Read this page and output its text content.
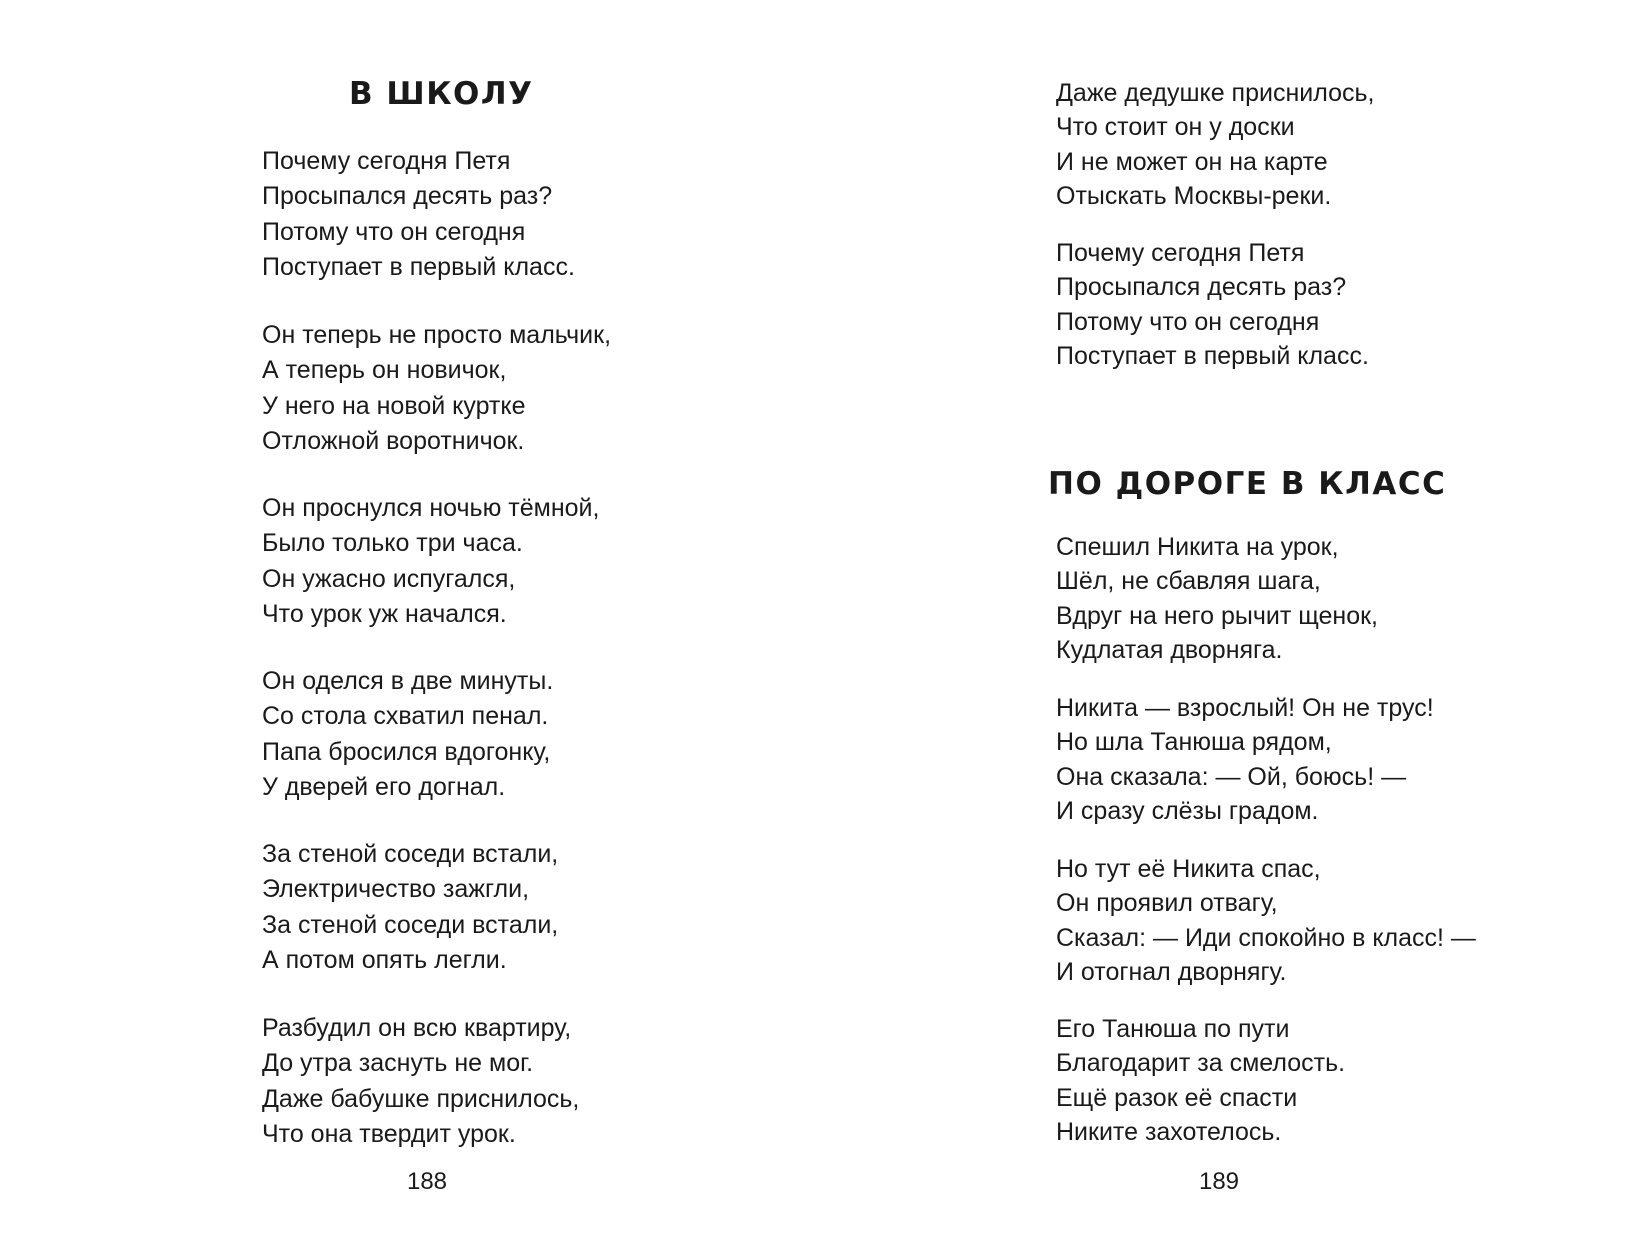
В ШКОЛУ
Почему сегодня Петя
Просыпался десять раз?
Потому что он сегодня
Поступает в первый класс.
Он теперь не просто мальчик,
А теперь он новичок,
У него на новой куртке
Отложной воротничок.
Он проснулся ночью тёмной,
Было только три часа.
Он ужасно испугался,
Что урок уж начался.
Он оделся в две минуты.
Со стола схватил пенал.
Папа бросился вдогонку,
У дверей его догнал.
За стеной соседи встали,
Электричество зажгли,
За стеной соседи встали,
А потом опять легли.
Разбудил он всю квартиру,
До утра заснуть не мог.
Даже бабушке приснилось,
Что она твердит урок.
188
Даже дедушке приснилось,
Что стоит он у доски
И не может он на карте
Отыскать Москвы-реки.
Почему сегодня Петя
Просыпался десять раз?
Потому что он сегодня
Поступает в первый класс.
ПО ДОРОГЕ В КЛАСС
Спешил Никита на урок,
Шёл, не сбавляя шага,
Вдруг на него рычит щенок,
Кудлатая дворняга.
Никита — взрослый! Он не трус!
Но шла Танюша рядом,
Она сказала: — Ой, боюсь! —
И сразу слёзы градом.
Но тут её Никита спас,
Он проявил отвагу,
Сказал: — Иди спокойно в класс! —
И отогнал дворнягу.
Его Танюша по пути
Благодарит за смелость.
Ещё разок её спасти
Никите захотелось.
189
